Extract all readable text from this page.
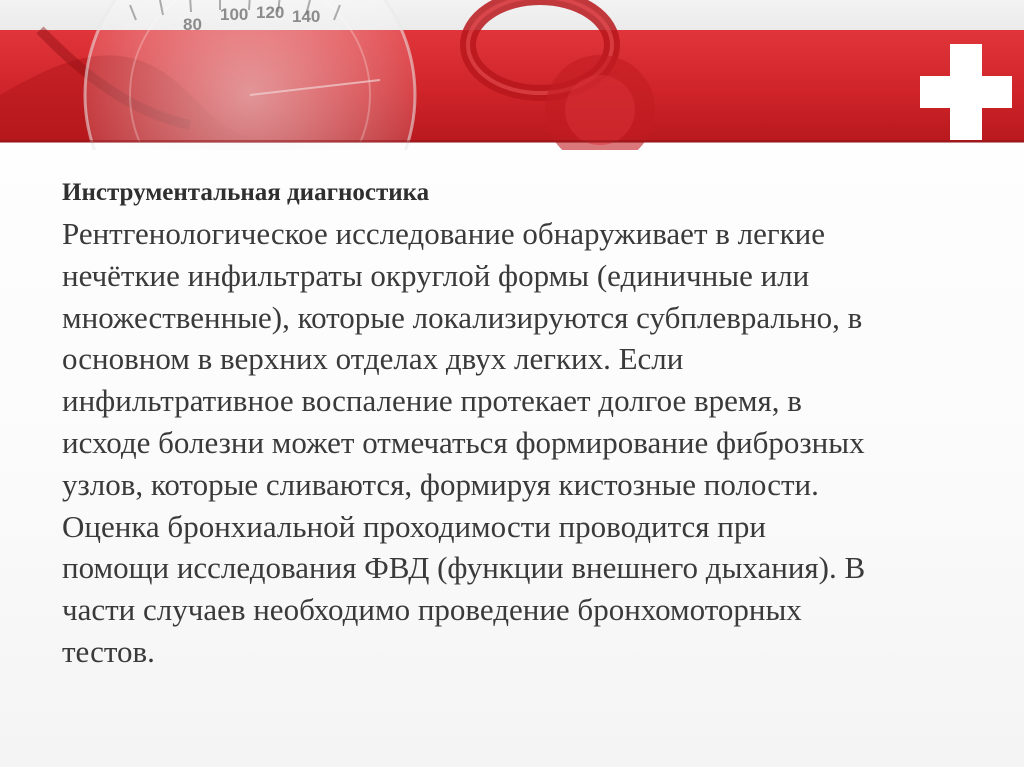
80
100 120 140

Инструментальная диагностика

Рентгенологическое исследование обнаруживает в легкие
нечёткие инфильтраты округлой формы (единичные или
множественные), которые локализируются субплеврально, в
основном в верхних отделах двух легких. Если
инфильтративное воспаление протекает долгое время, в
исходе болезни может отмечаться формирование фиброзных
узлов, которые сливаются, формируя кистозные полости.
Оценка бронхиальной проходимости проводится при
помощи исследования ФВД (функции внешнего дыхания). В
части случаев необходимо проведение бронхомоторных
тестов.
